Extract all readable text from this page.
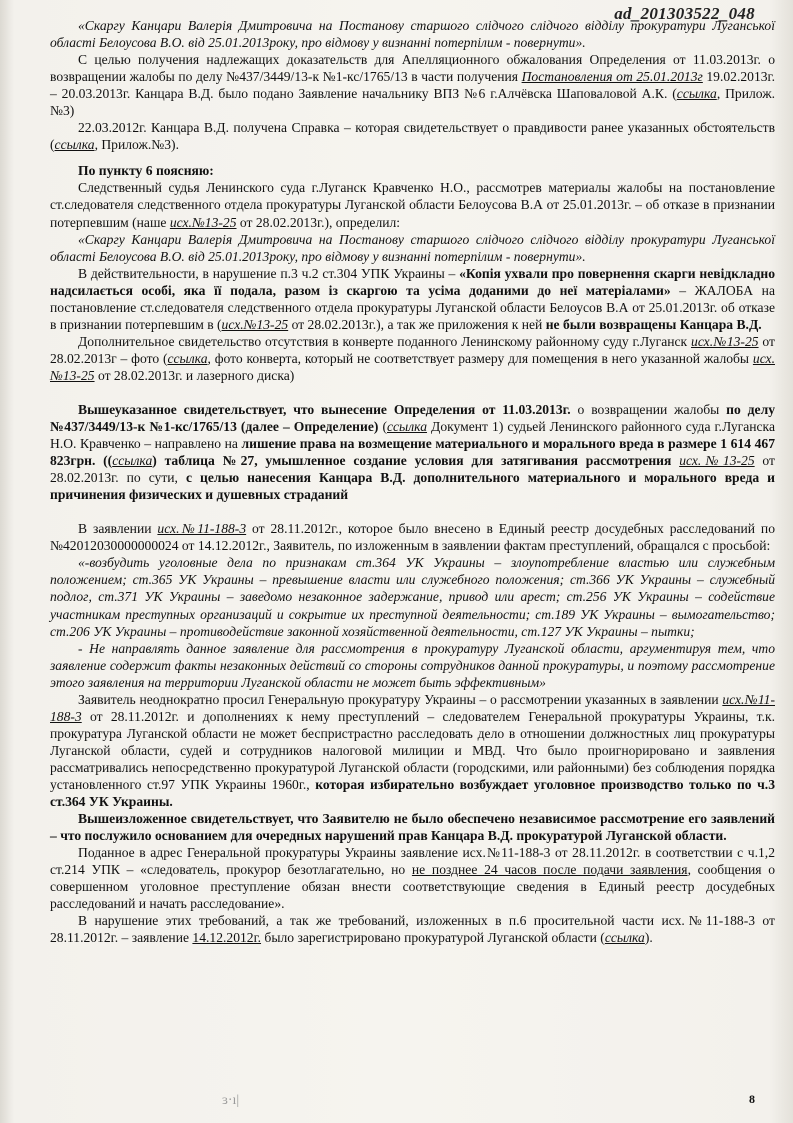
ad_201303522_048

«Скаргу Канцари Валерія Дмитровича на Постанову старшого слідчого слідчого відділу прокуратури Луганської області Белоусова В.О. від 25.01.2013року, про відмову у визнанні потерпілим - повернути».

С целью получения надлежащих доказательств для Апелляционного обжалования Определения от 11.03.2013г. о возвращении жалобы по делу №437/3449/13-к №1-кс/1765/13 в части получения Постановления от 25.01.2013г 19.02.2013г. – 20.03.2013г. Канцара В.Д. было подано Заявление начальнику ВПЗ №6 г.Алчёвска Шаповаловой А.К. (ссылка, Прилож.№3)

22.03.2012г. Канцара В.Д. получена Справка – которая свидетельствует о правдивости ранее указанных обстоятельств (ссылка, Прилож.№3).

По пункту 6 поясняю:

Следственный судья Ленинского суда г.Луганск Кравченко Н.О., рассмотрев материалы жалобы на постановление ст.следователя следственного отдела прокуратуры Луганской области Белоусова В.А от 25.01.2013г. – об отказе в признании потерпевшим (наше исх.№13-25 от 28.02.2013г.), определил:

«Скаргу Канцари Валерія Дмитровича на Постанову старшого слідчого слідчого відділу прокуратури Луганської області Белоусова В.О. від 25.01.2013року, про відмову у визнанні потерпілим - повернути».

В действительности, в нарушение п.3 ч.2 ст.304 УПК Украины – «Копія ухвали про повернення скарги невідкладно надсилається особі, яка її подала, разом із скаргою та усіма доданими до неї матеріалами» – ЖАЛОБА на постановление ст.следователя следственного отдела прокуратуры Луганской области Белоусов В.А от 25.01.2013г. об отказе в признании потерпевшим в (исх.№13-25 от 28.02.2013г.), а так же приложения к ней не были возвращены Канцара В.Д.

Дополнительное свидетельство отсутствия в конверте поданного Ленинскому районному суду г.Луганск исх.№13-25 от 28.02.2013г – фото (ссылка, фото конверта, который не соответствует размеру для помещения в него указанной жалобы исх.№13-25 от 28.02.2013г. и лазерного диска)

Вышеуказанное свидетельствует, что вынесение Определения от 11.03.2013г. о возвращении жалобы по делу №437/3449/13-к №1-кс/1765/13 (далее – Определение) (ссылка Документ 1) судьей Ленинского районного суда г.Луганска Н.О. Кравченко – направлено на лишение права на возмещение материального и морального вреда в размере 1 614 467 823грн. ((ссылка) таблица №27, умышленное создание условия для затягивания рассмотрения исх.№13-25 от 28.02.2013г. по сути, с целью нанесения Канцара В.Д. дополнительного материального и морального вреда и причинения физических и душевных страданий

В заявлении исх.№11-188-3 от 28.11.2012г., которое было внесено в Единый реестр досудебных расследований по №42012030000000024 от 14.12.2012г., Заявитель, по изложенным в заявлении фактам преступлений, обращался с просьбой:

«-возбудить уголовные дела по признакам ст.364 УК Украины – злоупотребление властью или служебным положением; ст.365 УК Украины – превышение власти или служебного положения; ст.366 УК Украины – служебный подлог, ст.371 УК Украины – заведомо незаконное задержание, привод или арест; ст.256 УК Украины – содействие участникам преступных организаций и сокрытие их преступной деятельности; ст.189 УК Украины – вымогательство; ст.206 УК Украины – противодействие законной хозяйственной деятельности, ст.127 УК Украины – пытки;

- Не направлять данное заявление для рассмотрения в прокуратуру Луганской области, аргументируя тем, что заявление содержит факты незаконных действий со стороны сотрудников данной прокуратуры, и поэтому рассмотрение этого заявления на территории Луганской области не может быть эффективным»

Заявитель неоднократно просил Генеральную прокуратуру Украины – о рассмотрении указанных в заявлении исх.№11-188-3 от 28.11.2012г. и дополнениях к нему преступлений – следователем Генеральной прокуратуры Украины, т.к. прокуратура Луганской области не может беспристрастно расследовать дело в отношении должностных лиц прокуратуры Луганской области, судей и сотрудников налоговой милиции и МВД. Что было проигнорировано и заявления рассматривались непосредственно прокуратурой Луганской области (городскими, или районными) без соблюдения порядка установленного ст.97 УПК Украины 1960г., которая избирательно возбуждает уголовное производство только по ч.3 ст.364 УК Украины.

Вышеизложенное свидетельствует, что Заявителю не было обеспечено независимое рассмотрение его заявлений – что послужило основанием для очередных нарушений прав Канцара В.Д. прокуратурой Луганской области.

Поданное в адрес Генеральной прокуратуры Украины заявление исх.№11-188-3 от 28.11.2012г. в соответствии с ч.1,2 ст.214 УПК – «следователь, прокурор безотлагательно, но не позднее 24 часов после подачи заявления, сообщения о совершенном уголовное преступление обязан внести соответствующие сведения в Единый реестр досудебных расследований и начать расследование».

В нарушение этих требований, а так же требований, изложенных в п.6 просительной части исх.№11-188-3 от 28.11.2012г. – заявление 14.12.2012г. было зарегистрировано прокуратурой Луганской области (ссылка).

ɜ·ı|	8
